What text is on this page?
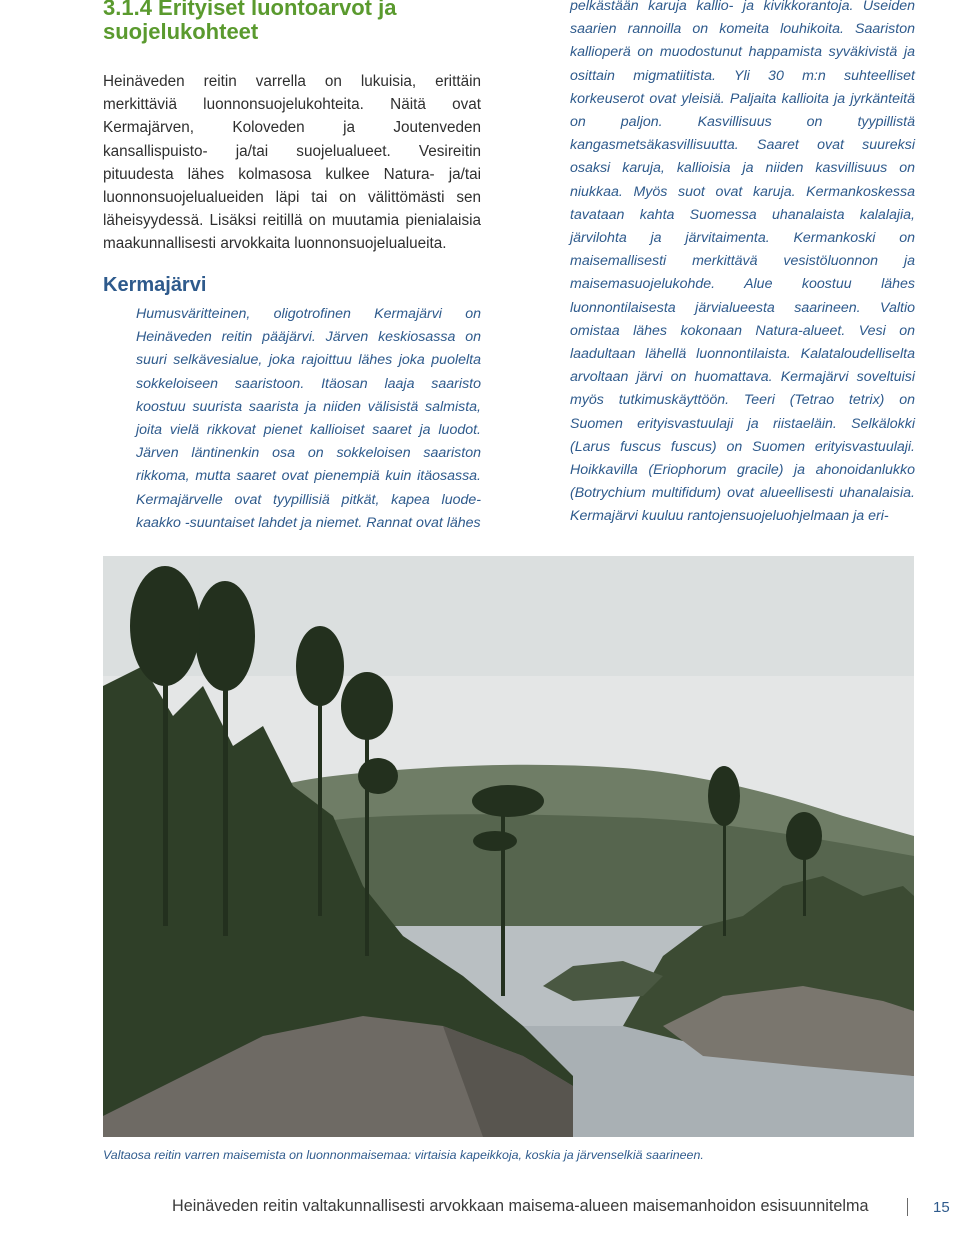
3.1.4 Erityiset luontoarvot ja suojelukohteet

Heinäveden reitin varrella on lukuisia, erittäin merkittäviä luonnonsuojelukohteita. Näitä ovat Kermajärven, Koloveden ja Joutenveden kansallispuisto- ja/tai suojelualueet. Vesireitin pituudesta lähes kolmasosa kulkee Natura- ja/tai luonnonsuojelualueiden läpi tai on välittömästi sen läheisyydessä. Lisäksi reitillä on muutamia pienialaisia maakunnallisesti arvokkaita luonnonsuojelualueita.

Kermajärvi

Humusväritteinen, oligotrofinen Kermajärvi on Heinäveden reitin pääjärvi. Järven keskiosassa on suuri selkävesialue, joka rajoittuu lähes joka puolelta sokkeloiseen saaristoon. Itäosan laaja saaristo koostuu suurista saarista ja niiden välisistä salmista, joita vielä rikkovat pienet kallioiset saaret ja luodot. Järven läntinenkin osa on sokkeloisen saariston rikkoma, mutta saaret ovat pienempiä kuin itäosassa. Kermajärvelle ovat tyypillisiä pitkät, kapea luode-kaakko -suuntaiset lahdet ja niemet. Rannat ovat lähes

pelkästään karuja kallio- ja kivikkorantoja. Useiden saarien rannoilla on komeita louhikoita. Saariston kallioperä on muodostunut happamista syväkivistä ja osittain migmatiitista. Yli 30 m:n suhteelliset korkeuserot ovat yleisiä. Paljaita kallioita ja jyrkänteitä on paljon. Kasvillisuus on tyypillistä kangasmetsäkasvillisuutta. Saaret ovat suureksi osaksi karuja, kallioisia ja niiden kasvillisuus on niukkaa. Myös suot ovat karuja. Kermankoskessa tavataan kahta Suomessa uhanalaista kalalajia, järvilohta ja järvitaimenta. Kermankoski on maisemallisesti merkittävä vesistöluonnon ja maisemasuojelukohde. Alue koostuu lähes luonnontilaisesta järvialueesta saarineen. Valtio omistaa lähes kokonaan Natura-alueet. Vesi on laadultaan lähellä luonnontilaista. Kalataloudelliselta arvoltaan järvi on huomattava. Kermajärvi soveltuisi myös tutkimuskäyttöön. Teeri (Tetrao tetrix) on Suomen erityisvastuulaji ja riistaeläin. Selkälokki (Larus fuscus fuscus) on Suomen erityisvastuulaji. Hoikkavilla (Eriophorum gracile) ja ahonoidanlukko (Botrychium multifidum) ovat alueellisesti uhanalaisia. Kermajärvi kuuluu rantojensuojeluohjelmaan ja eri-

Valtaosa reitin varren maisemista on luonnonmaisemaa: virtaisia kapeikkoja, koskia ja järvenselkiä saarineen.

Heinäveden reitin valtakunnallisesti arvokkaan maisema-alueen maisemanhoidon esisuunnitelma	15
